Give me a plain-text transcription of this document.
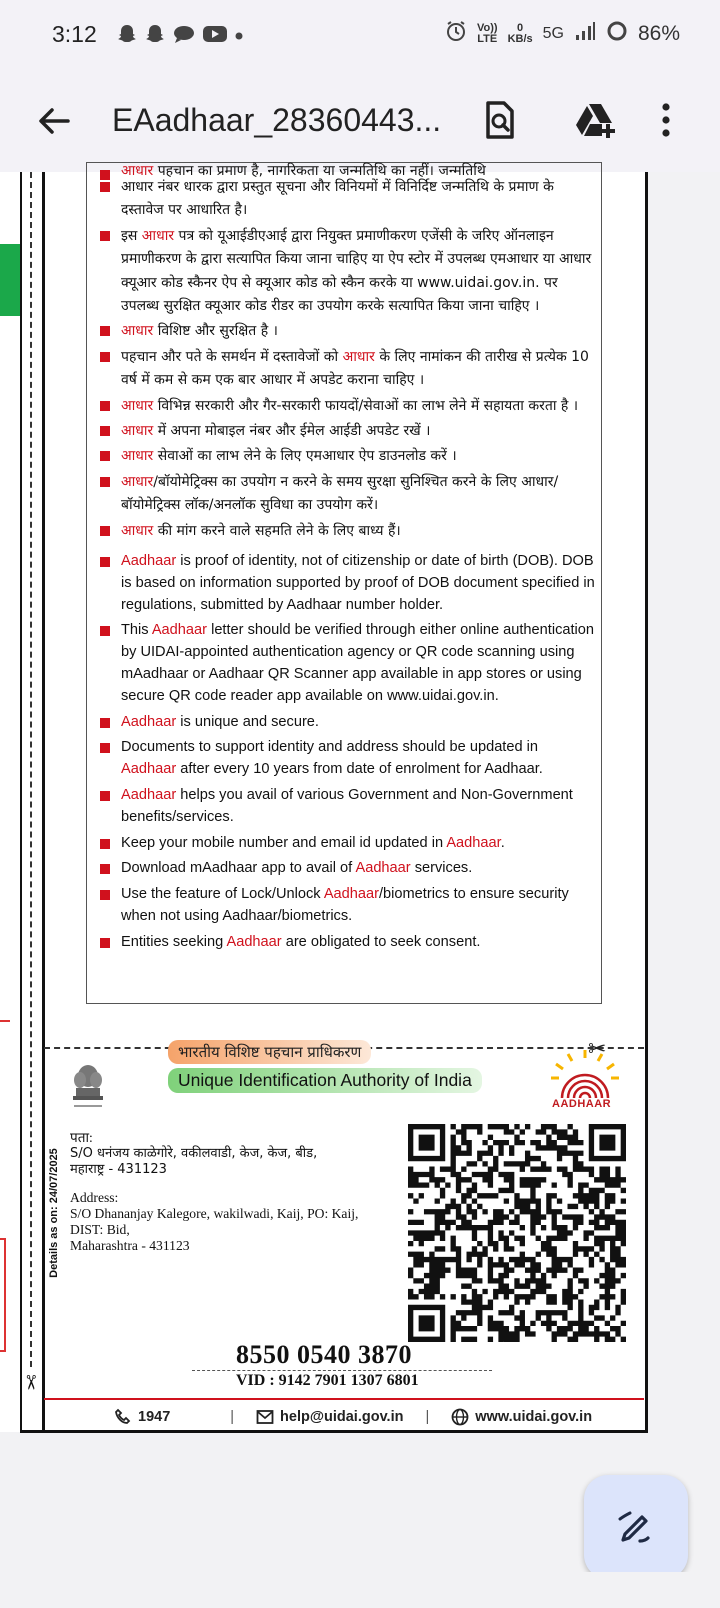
3:12	Vo))
LTE
0
KB/s 5G	86%
EAadhaar_28360443...
आधार पहचान का प्रमाण है, नागरिकता या जन्मतिथि का नहीं। जन्मतिथि
आधार नंबर धारक द्वारा प्रस्तुत सूचना और विनियमों में विनिर्दिष्ट जन्मतिथि के प्रमाण के दस्तावेज पर आधारित है।
इस आधार पत्र को यूआईडीएआई द्वारा नियुक्त प्रमाणीकरण एजेंसी के जरिए ऑनलाइन प्रमाणीकरण के द्वारा सत्यापित किया जाना चाहिए या ऐप स्टोर में उपलब्ध एमआधार या आधार क्यूआर कोड स्कैनर ऐप से क्यूआर कोड को स्कैन करके या www.uidai.gov.in. पर उपलब्ध सुरक्षित क्यूआर कोड रीडर का उपयोग करके सत्यापित किया जाना चाहिए ।
आधार विशिष्ट और सुरक्षित है ।
पहचान और पते के समर्थन में दस्तावेजों को आधार के लिए नामांकन की तारीख से प्रत्येक 10 वर्ष में कम से कम एक बार आधार में अपडेट कराना चाहिए ।
आधार विभिन्न सरकारी और गैर-सरकारी फायदों/सेवाओं का लाभ लेने में सहायता करता है ।
आधार में अपना मोबाइल नंबर और ईमेल आईडी अपडेट रखें ।
आधार सेवाओं का लाभ लेने के लिए एमआधार ऐप डाउनलोड करें ।
आधार/बॉयोमेट्रिक्स का उपयोग न करने के समय सुरक्षा सुनिश्चित करने के लिए आधार/बॉयोमेट्रिक्स लॉक/अनलॉक सुविधा का उपयोग करें।
आधार की मांग करने वाले सहमति लेने के लिए बाध्य हैं।
Aadhaar is proof of identity, not of citizenship or date of birth (DOB). DOB is based on information supported by proof of DOB document specified in regulations, submitted by Aadhaar number holder.
This Aadhaar letter should be verified through either online authentication by UIDAI-appointed authentication agency or QR code scanning using mAadhaar or Aadhaar QR Scanner app available in app stores or using secure QR code reader app available on www.uidai.gov.in.
Aadhaar is unique and secure.
Documents to support identity and address should be updated in Aadhaar after every 10 years from date of enrolment for Aadhaar.
Aadhaar helps you avail of various Government and Non-Government benefits/services.
Keep your mobile number and email id updated in Aadhaar.
Download mAadhaar app to avail of Aadhaar services.
Use the feature of Lock/Unlock Aadhaar/biometrics to ensure security when not using Aadhaar/biometrics.
Entities seeking Aadhaar are obligated to seek consent.
✂
भारतीय विशिष्ट पहचान प्राधिकरण
Unique Identification Authority of India
AADHAAR
Details as on: 24/07/2025
पता:
S/O धनंजय काळेगोरे, वकीलवाडी, केज, केज, बीड,
महाराष्ट्र - 431123
Address:
S/O Dhananjay Kalegore, wakilwadi, Kaij, PO: Kaij,
DIST: Bid,
Maharashtra - 431123
8550 0540 3870
VID : 9142 7901 1307 6801
✂
1947	|	help@uidai.gov.in |	www.uidai.gov.in
